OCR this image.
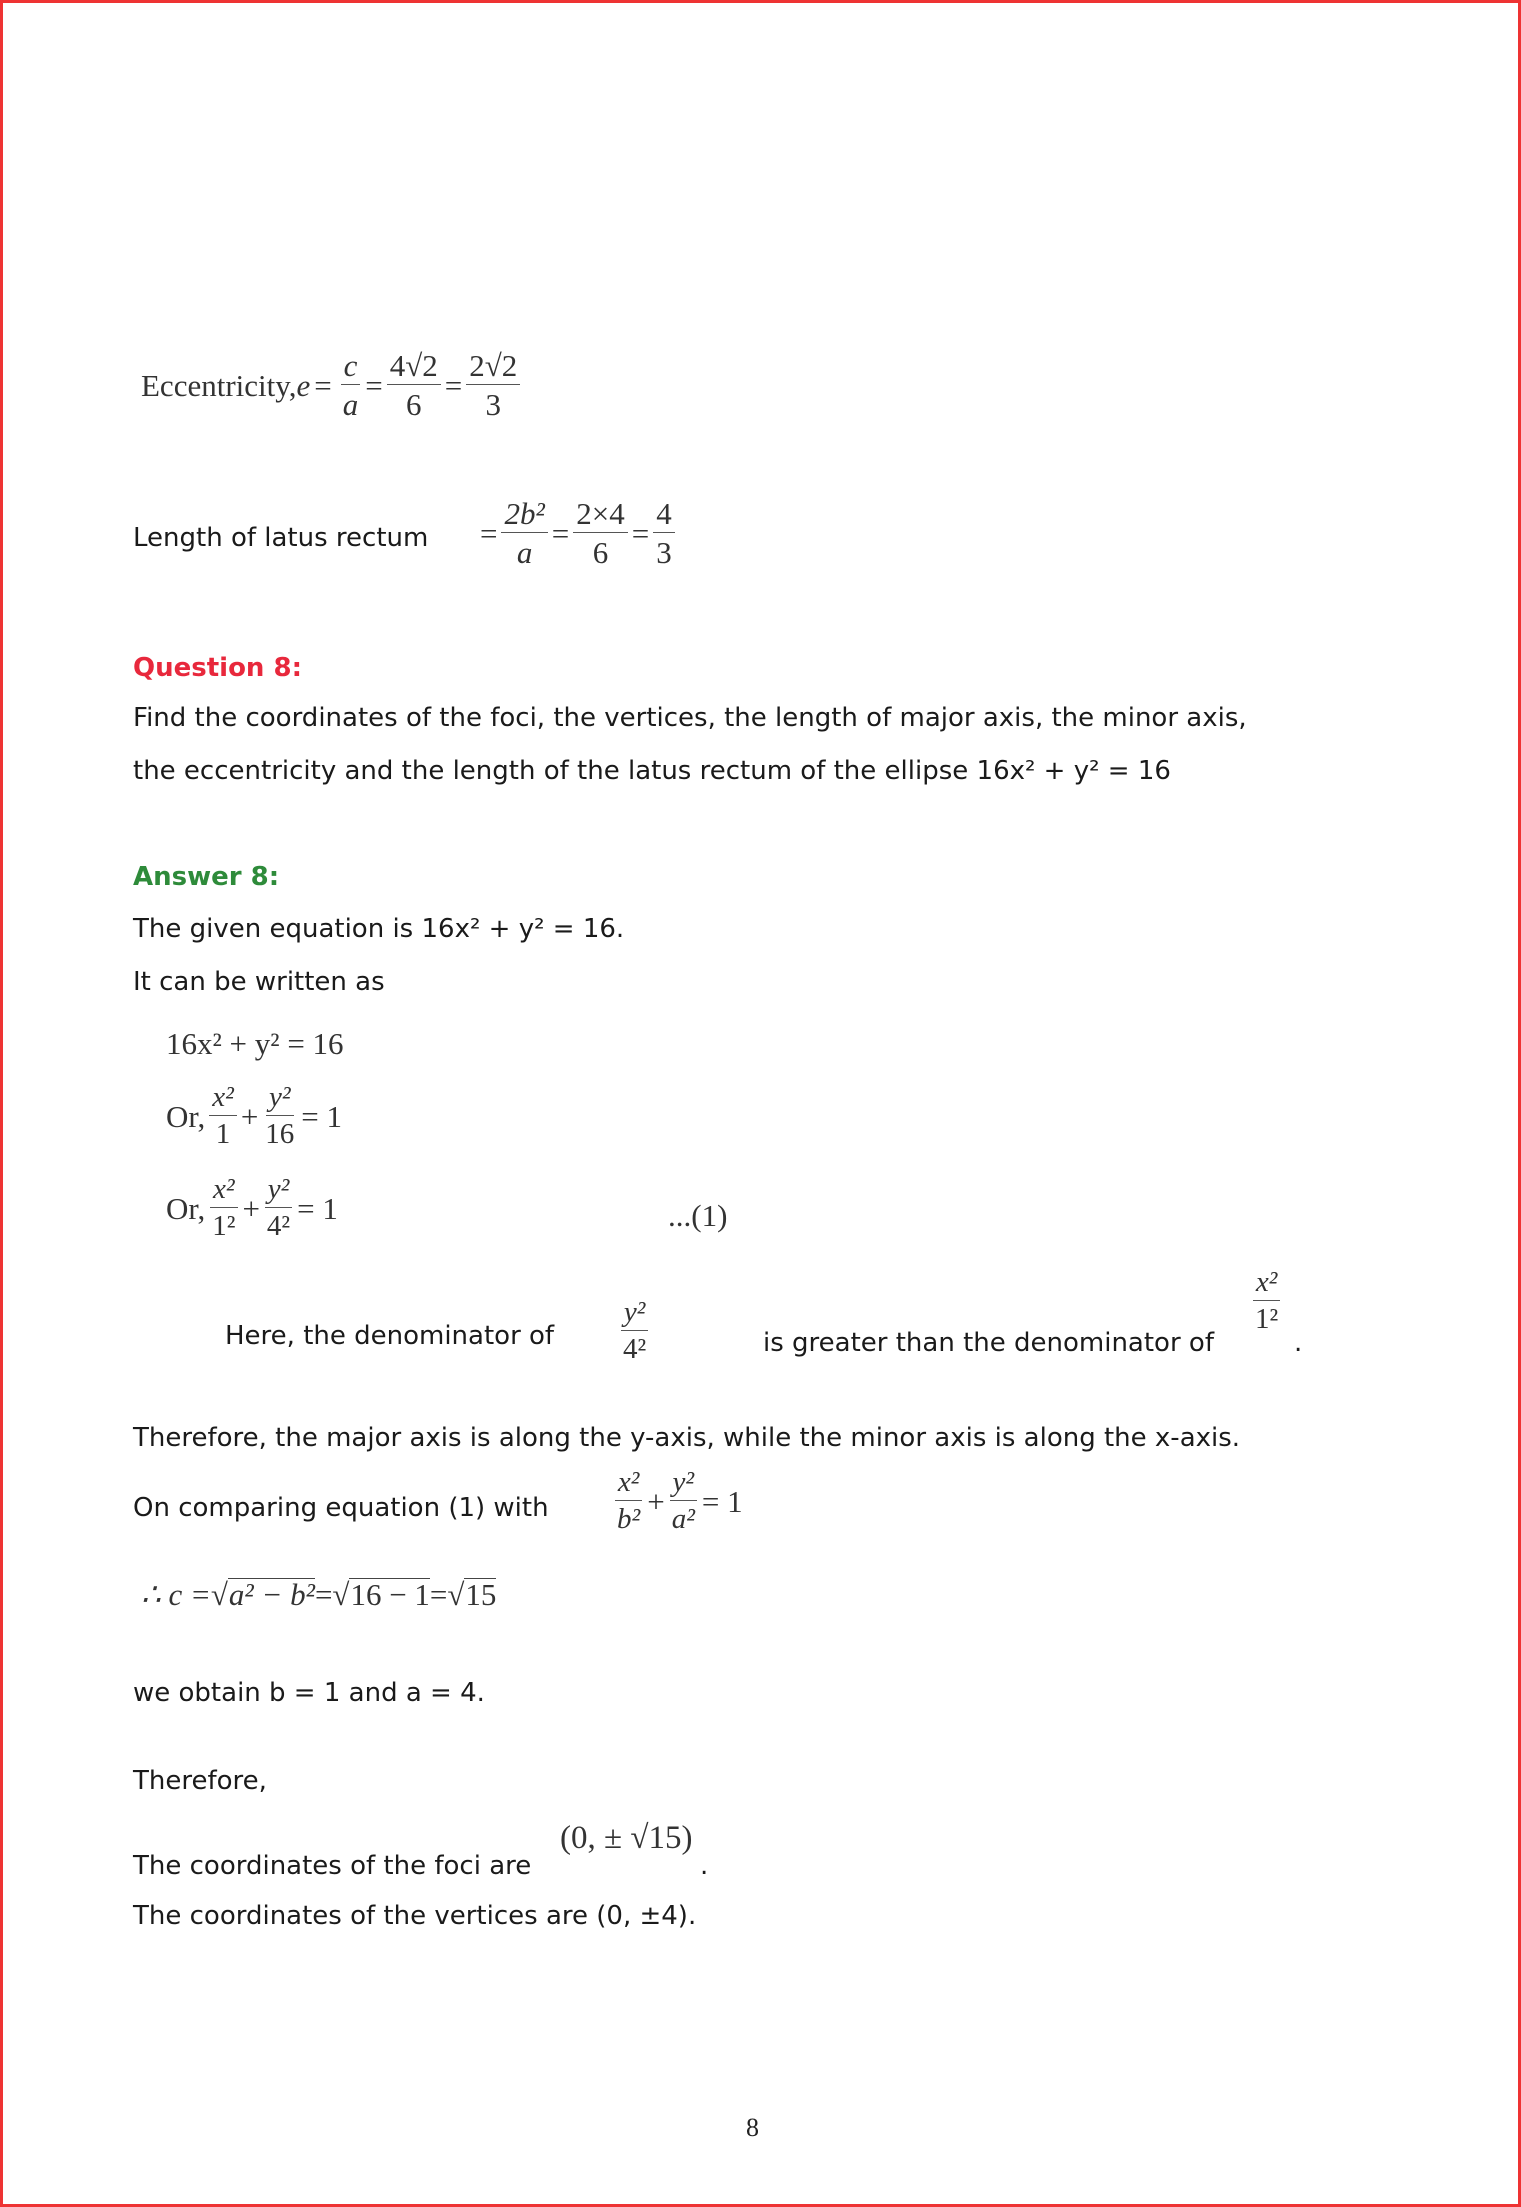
Eccentricity, $e = \frac{c}{a} = \frac{4√2}{6} = \frac{2√2}{3}$
Length of latus rectum = $\frac{\text{2b²}}{a} = \frac{2\times 4}{6} = \frac{4}{3}$
Question 8:
Find the coordinates of the foci, the vertices, the length of major axis, the minor axis,
the eccentricity and the length of the latus rectum of the ellipse 16x² + y² = 16
Answer 8:
The given equation is 16x² + y² = 16.
It can be written as
16x² + y² = 16
Or, $\frac{\text{x²}}{1} + \frac{\text{y²}}{16} = 1$
Or, $\frac{\text{x²}}{\text{1²}} + \frac{\text{y²}}{\text{4²}} = 1$	...(1)
Here, the denominator of $\frac{\text{y²}}{\text{4²}}$	is greater than the denominator of
$\frac{\text{x²}}{\text{1²}}$
.
Therefore, the major axis is along the y-axis, while the minor axis is along the x-axis.
On comparing equation (1) with $\frac{\text{x²}}{\text{b²}} + \frac{\text{y²}}{\text{a²}} = 1$
∴ c = √ a² − b² = √ 16 − 1 = √ 15
we obtain b = 1 and a = 4.
Therefore,
The coordinates of the foci are
(0, ± √15)
.
The coordinates of the vertices are (0, ±4).
8
